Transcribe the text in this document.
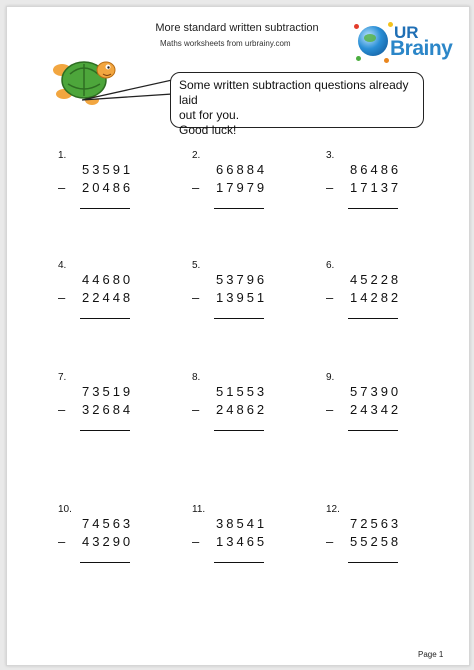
More standard written subtraction
Maths worksheets from urbrainy.com
UR
Brainy
Some written subtraction questions already laid
out for you.
Good luck!
1.
53591
– 20486
2.
66884
– 17979
3.
86486
– 17137
4.
44680
– 22448
5.
53796
– 13951
6.
45228
– 14282
7.
73519
– 32684
8.
51553
– 24862
9.
57390
– 24342
10.
74563
– 43290
11.
38541
– 13465
12.
72563
– 55258
Page 1
